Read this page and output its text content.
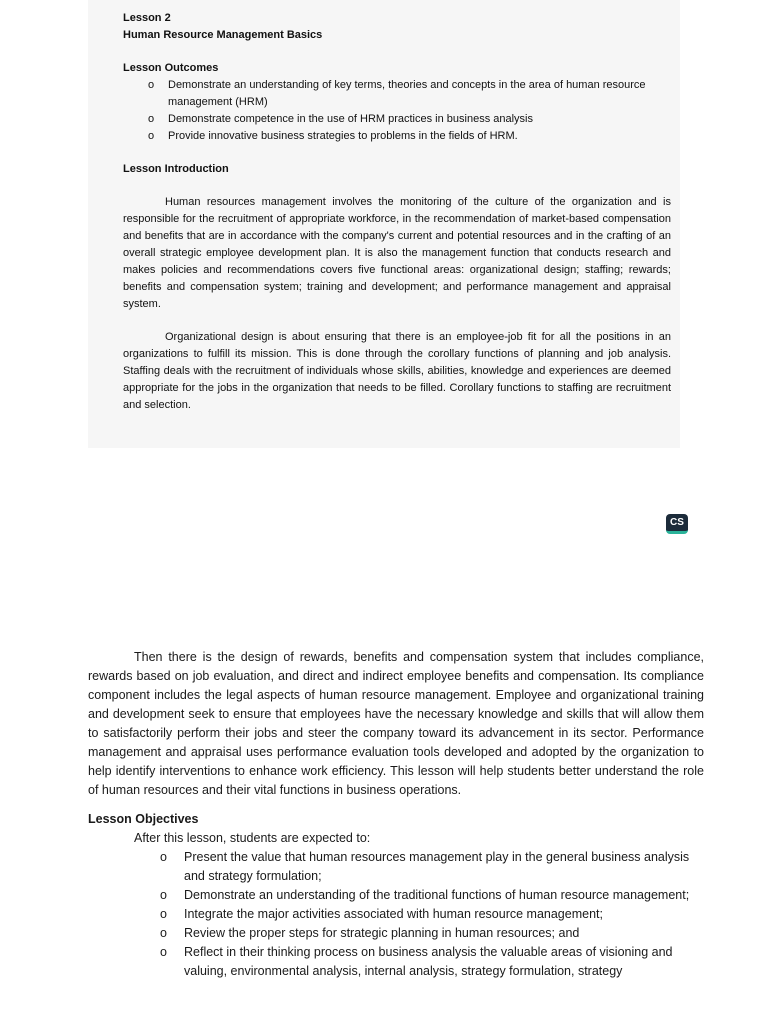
Lesson 2

Human Resource Management Basics

Lesson Outcomes

o Demonstrate an understanding of key terms, theories and concepts in the area of human resource management (HRM)
o Demonstrate competence in the use of HRM practices in business analysis
o Provide innovative business strategies to problems in the fields of HRM.

Lesson Introduction

Human resources management involves the monitoring of the culture of the organization and is responsible for the recruitment of appropriate workforce, in the recommendation of market-based compensation and benefits that are in accordance with the company's current and potential resources and in the crafting of an overall strategic employee development plan. It is also the management function that conducts research and makes policies and recommendations covers five functional areas: organizational design; staffing; rewards; benefits and compensation system; training and development; and performance management and appraisal system.

Organizational design is about ensuring that there is an employee-job fit for all the positions in an organizations to fulfill its mission. This is done through the corollary functions of planning and job analysis. Staffing deals with the recruitment of individuals whose skills, abilities, knowledge and experiences are deemed appropriate for the jobs in the organization that needs to be filled. Corollary functions to staffing are recruitment and selection.

CS

Then there is the design of rewards, benefits and compensation system that includes compliance, rewards based on job evaluation, and direct and indirect employee benefits and compensation. Its compliance component includes the legal aspects of human resource management. Employee and organizational training and development seek to ensure that employees have the necessary knowledge and skills that will allow them to satisfactorily perform their jobs and steer the company toward its advancement in its sector. Performance management and appraisal uses performance evaluation tools developed and adopted by the organization to help identify interventions to enhance work efficiency. This lesson will help students better understand the role of human resources and their vital functions in business operations.

Lesson Objectives

After this lesson, students are expected to:

o Present the value that human resources management play in the general business analysis and strategy formulation;
o Demonstrate an understanding of the traditional functions of human resource management;
o Integrate the major activities associated with human resource management;
o Review the proper steps for strategic planning in human resources; and
o Reflect in their thinking process on business analysis the valuable areas of visioning and valuing, environmental analysis, internal analysis, strategy formulation, strategy
